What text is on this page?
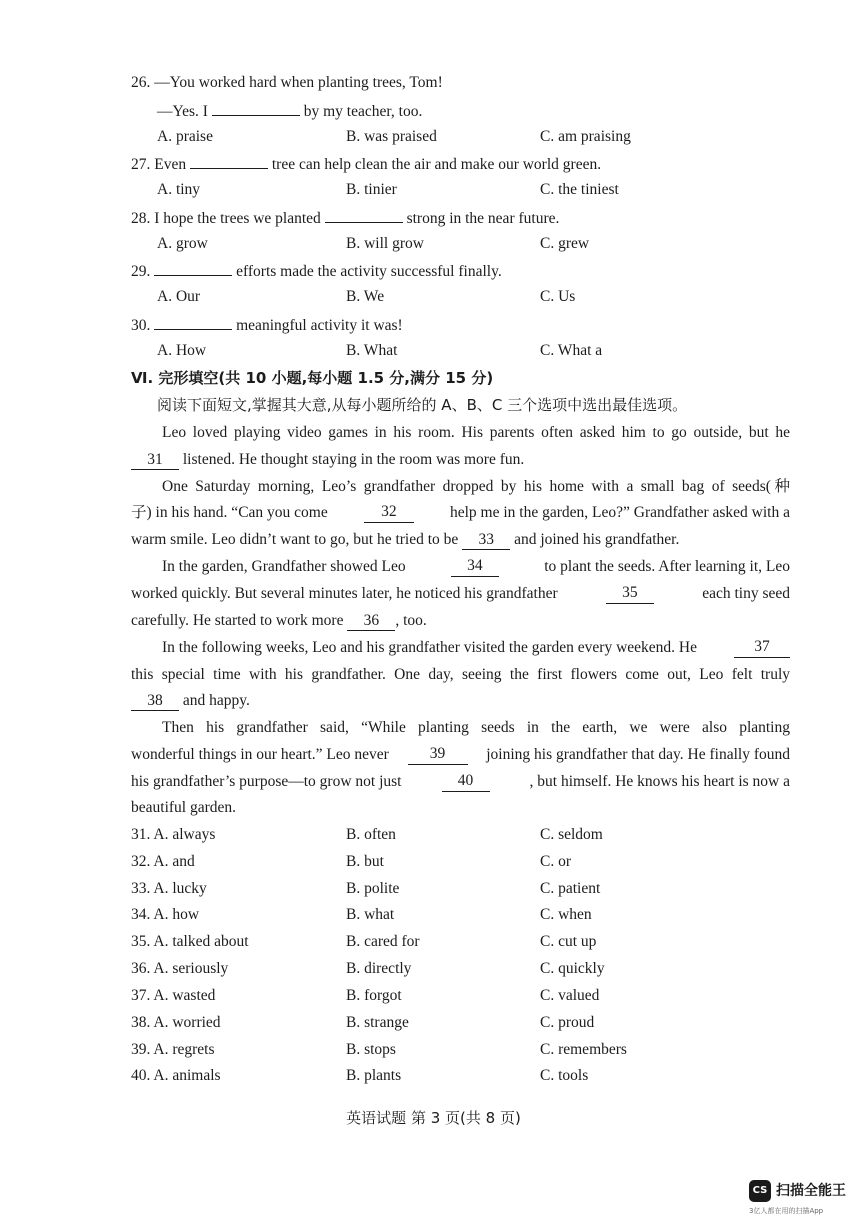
26. —You worked hard when planting trees, Tom!
—Yes. I	by my teacher, too.
A. praise	B. was praised	C. am praising
27. Even	tree can help clean the air and make our world green.
A. tiny	B. tinier	C. the tiniest
28. I hope the trees we planted	strong in the near future.
A. grow	B. will grow	C. grew
29.	efforts made the activity successful finally.
A. Our	B. We	C. Us
30.	meaningful activity it was!
A. How	B. What	C. What a
Ⅵ. 完形填空(共 10 小题,每小题 1.5 分,满分 15 分)
阅读下面短文,掌握其大意,从每小题所给的 A、B、C 三个选项中选出最佳选项。
Leo loved playing video games in his room. His parents often asked him to go outside, but he
31 listened. He thought staying in the room was more fun.
One Saturday morning, Leo’s grandfather dropped by his home with a small bag of seeds(种
子) in his hand. “Can you come	32	help me in the garden, Leo?” Grandfather asked with a
warm smile. Leo didn’t want to go, but he tried to be 33 and joined his grandfather.
In the garden, Grandfather showed Leo	34	to plant the seeds. After learning it, Leo
worked quickly. But several minutes later, he noticed his grandfather	35	each tiny seed
carefully. He started to work more 36 , too.
In the following weeks, Leo and his grandfather visited the garden every weekend. He	37
this special time with his grandfather. One day, seeing the first flowers come out, Leo felt truly
38 and happy.
Then his grandfather said, “While planting seeds in the earth, we were also planting
wonderful things in our heart.” Leo never	39	joining his grandfather that day. He finally found
his grandfather’s purpose—to grow not just	40	, but himself. He knows his heart is now a
beautiful garden.
31. A. always	B. often	C. seldom
32. A. and	B. but	C. or
33. A. lucky	B. polite	C. patient
34. A. how	B. what	C. when
35. A. talked about	B. cared for	C. cut up
36. A. seriously	B. directly	C. quickly
37. A. wasted	B. forgot	C. valued
38. A. worried	B. strange	C. proud
39. A. regrets	B. stops	C. remembers
40. A. animals	B. plants	C. tools
英语试题 第 3 页(共 8 页)
CS 扫描全能王
3亿人都在用的扫描App
